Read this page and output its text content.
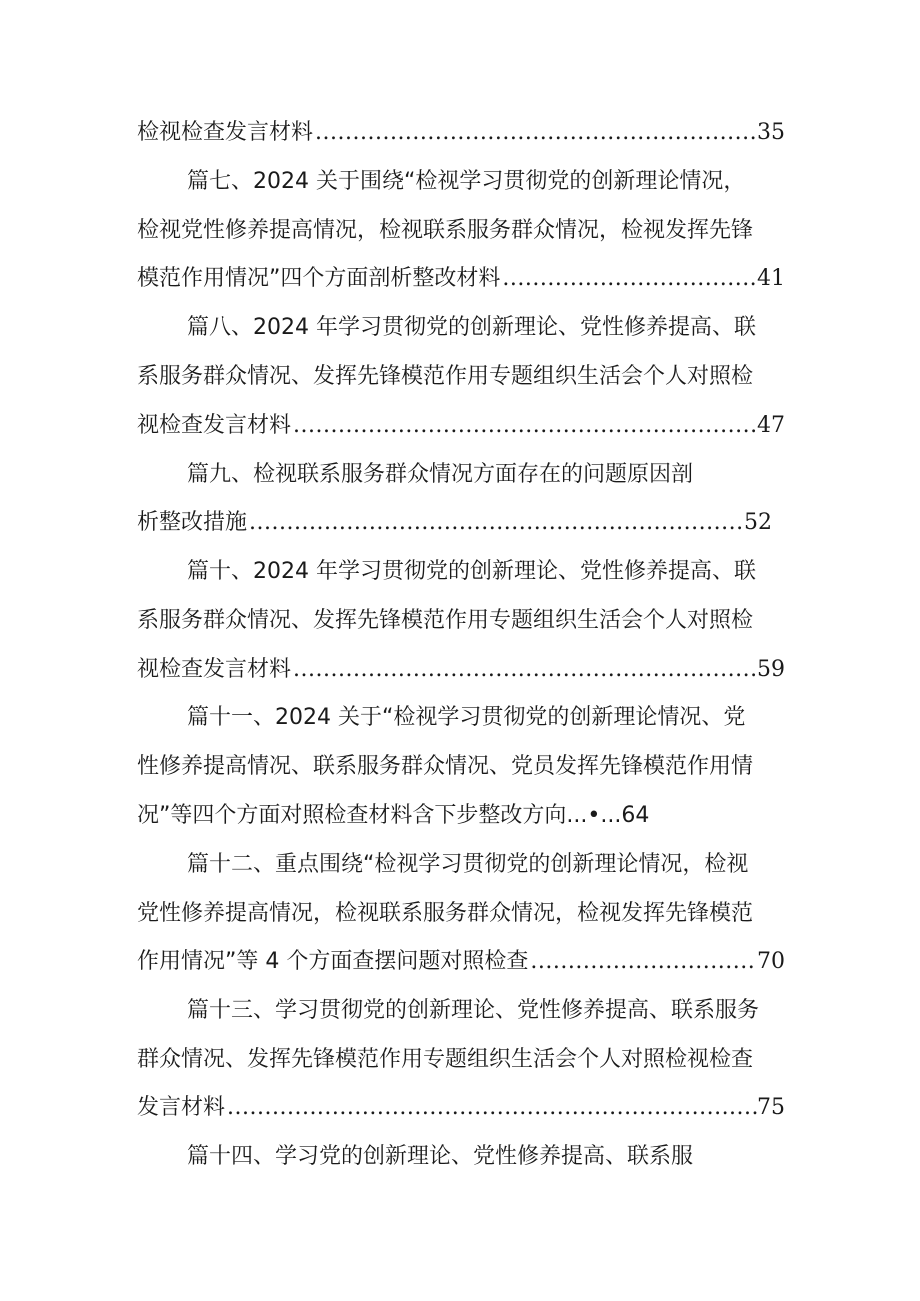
检视检查发言材料 .....	35
篇七、2024 关于围绕“检视学习贯彻党的创新理论情况，
检视党性修养提高情况，检视联系服务群众情况，检视发挥先锋
模范作用情况”四个方面剖析整改材料 .....	41
篇八、2024 年学习贯彻党的创新理论、党性修养提高、联
系服务群众情况、发挥先锋模范作用专题组织生活会个人对照检
视检查发言材料 .....	47
篇九、检视联系服务群众情况方面存在的问题原因剖
析整改措施 .....	52
篇十、2024 年学习贯彻党的创新理论、党性修养提高、联
系服务群众情况、发挥先锋模范作用专题组织生活会个人对照检
视检查发言材料 .....	59
篇十一、2024 关于“检视学习贯彻党的创新理论情况、党
性修养提高情况、联系服务群众情况、党员发挥先锋模范作用情
况”等四个方面对照检查材料含下步整改方向...•...64
篇十二、重点围绕“检视学习贯彻党的创新理论情况，检视
党性修养提高情况，检视联系服务群众情况，检视发挥先锋模范
作用情况”等 4 个方面查摆问题对照检查 .....	70
篇十三、学习贯彻党的创新理论、党性修养提高、联系服务
群众情况、发挥先锋模范作用专题组织生活会个人对照检视检查
发言材料 .....	75
篇十四、学习党的创新理论、党性修养提高、联系服
